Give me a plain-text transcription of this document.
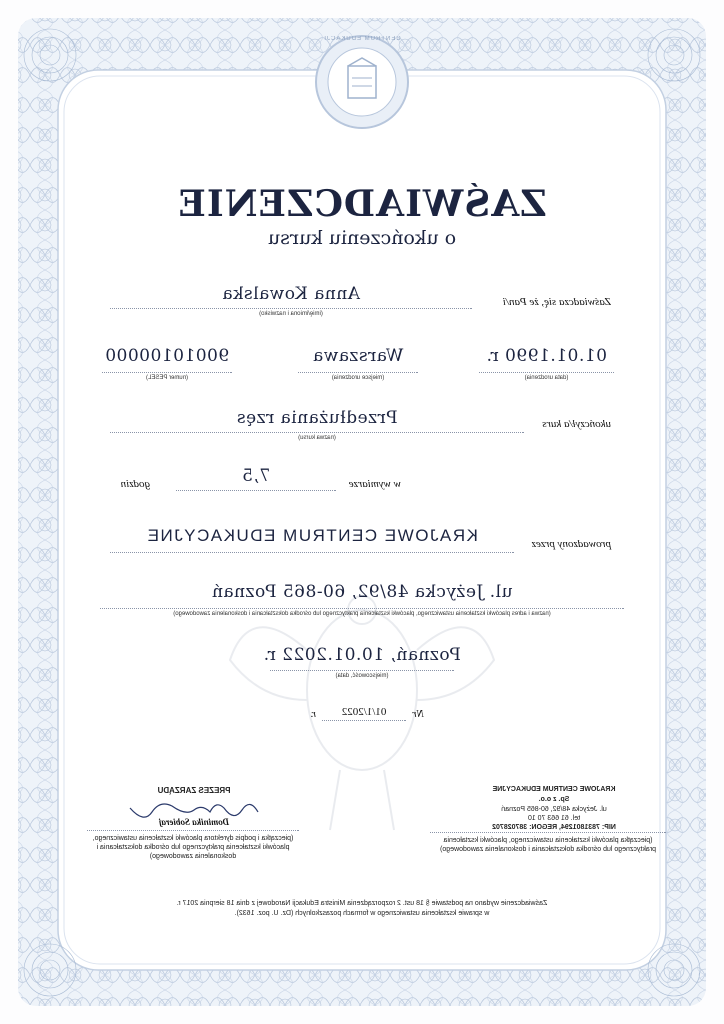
CENTRUM EDUKACJI
ZAŚWIADCZENIE
o ukończeniu kursu
Zaświadcza się, że Pan/i
Anna Kowalska
(imię/imiona i nazwisko)
01.01.1990 r.
(data urodzenia)
Warszawa
(miejsce urodzenia)
90010100000
(numer PESEL)
ukończył/a kurs
Przedłużania rzęs
(nazwa kursu)
w wymiarze
7,5
godzin
prowadzony przez
KRAJOWE CENTRUM EDUKACYJNE
ul. Jeżycka 48/92, 60-865 Poznań
(nazwa i adres placówki kształcenia ustawicznego, placówki kształcenia praktycznego lub ośrodka dokształcania i doskonalenia zawodowego)
Poznań, 10.01.2022 r.
(miejscowość, data)
Nr
01/1/2022
r.
KRAJOWE CENTRUM EDUKACYJNE
Sp. z o.o.
ul. Jeżycka 48/92, 60-865 Poznań
tel. 61 663 70 10
NIP: 7831801294, REGON: 387028702
(pieczątka placówki kształcenia ustawicznego, placówki kształcenia praktycznego lub ośrodka dokształcania i doskonalenia zawodowego)
PREZES ZARZĄDU
Dominika Sobieraj
(pieczątka i podpis dyrektora placówki kształcenia ustawicznego, placówki kształcenia praktycznego lub ośrodka dokształcania i doskonalenia zawodowego)
Zaświadczenie wydano na podstawie § 18 ust. 2 rozporządzenia Ministra Edukacji Narodowej z dnia 18 sierpnia 2017 r.
w sprawie kształcenia ustawicznego w formach pozaszkolnych (Dz. U. poz. 1632).
